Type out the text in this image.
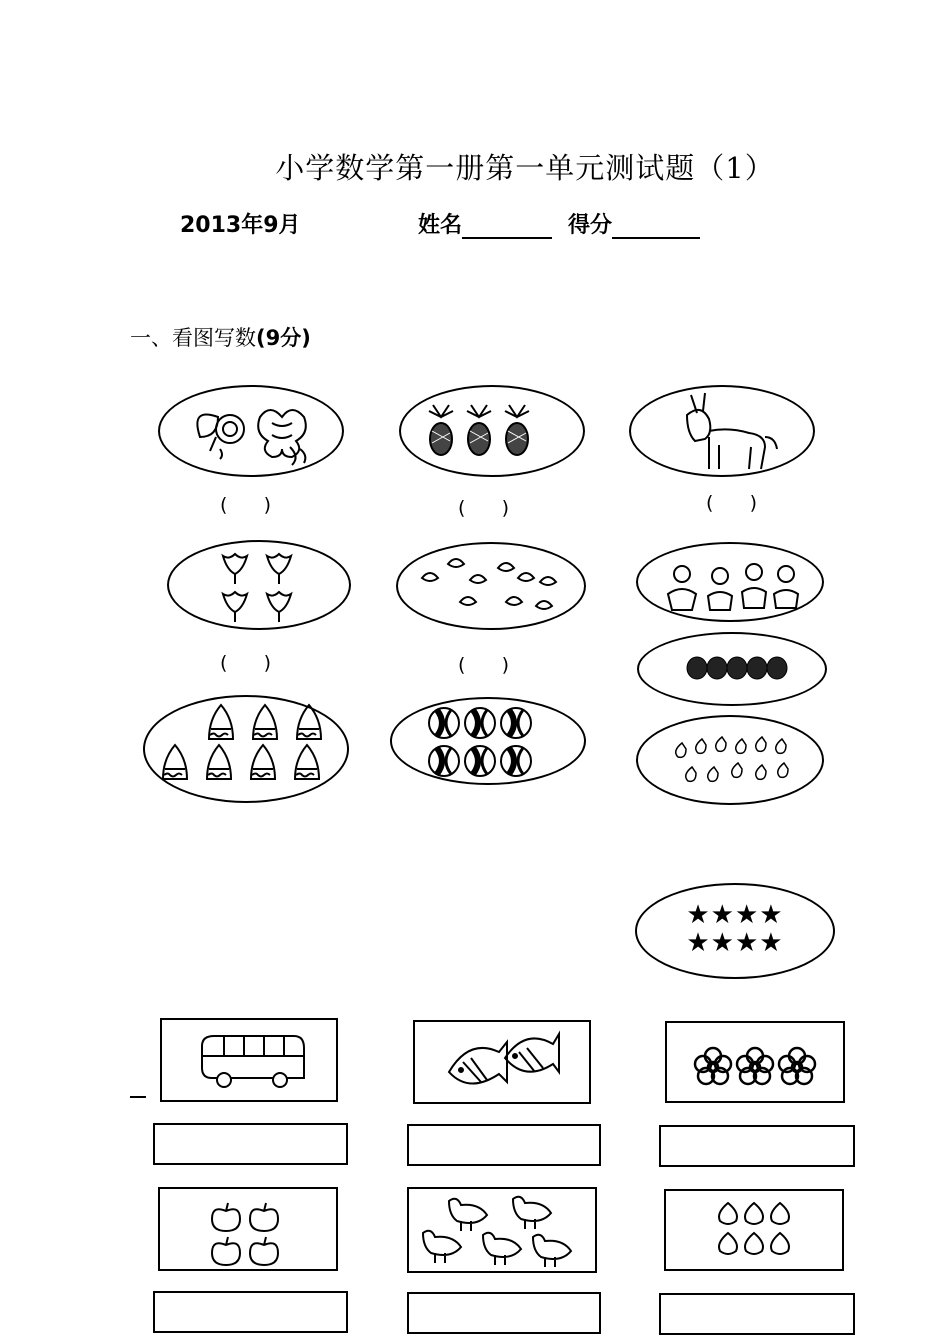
小学数学第一册第一单元测试题（1）
2013年9月	姓名	得分
一、看图写数(9分)
(      )	(      )	(      )
(      )	(      )
★★★★
★★★★
